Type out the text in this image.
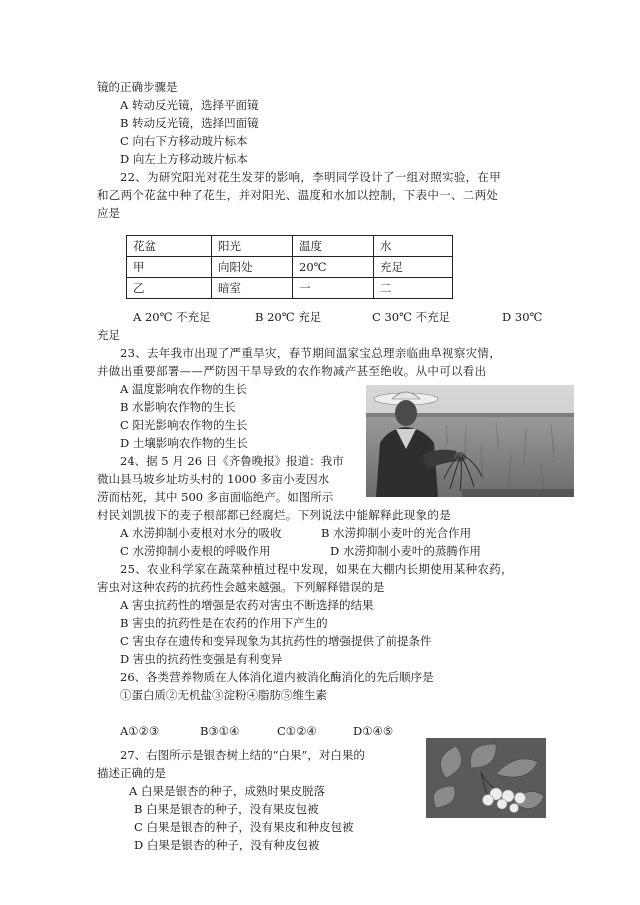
镜的正确步骤是
A 转动反光镜，选择平面镜
B 转动反光镜，选择凹面镜
C 向右下方移动玻片标本
D 向左上方移动玻片标本
22、为研究阳光对花生发芽的影响，李明同学设计了一组对照实验，在甲
和乙两个花盆中种了花生，并对阳光、温度和水加以控制，下表中一、二两处
应是
花盆	阳光	温度	水
甲	向阳处	20℃	充足
乙	暗室	一	二
A 20℃ 不充足	B 20℃ 充足	C 30℃ 不充足	D 30℃
充足
23、去年我市出现了严重旱灾，春节期间温家宝总理亲临曲阜视察灾情，
并做出重要部署——严防因干旱导致的农作物减产甚至绝收。从中可以看出
A 温度影响农作物的生长
B 水影响农作物的生长
C 阳光影响农作物的生长
D 土壤影响农作物的生长
24、据 5 月 26 日《齐鲁晚报》报道：我市
微山县马坡乡址坊头村的 1000 多亩小麦因水
涝而枯死，其中 500 多亩面临绝产。如图所示
村民刘凯拔下的麦子根部都已经腐烂。下列说法中能解释此现象的是
A 水涝抑制小麦根对水分的吸收	B 水涝抑制小麦叶的光合作用
C 水涝抑制小麦根的呼吸作用	D 水涝抑制小麦叶的蒸腾作用
25、农业科学家在蔬菜种植过程中发现，如果在大棚内长期使用某种农药，
害虫对这种农药的抗药性会越来越强。下列解释错误的是
A 害虫抗药性的增强是农药对害虫不断选择的结果
B 害虫的抗药性是在农药的作用下产生的
C 害虫存在遗传和变异现象为其抗药性的增强提供了前提条件
D 害虫的抗药性变强是有利变异
26、各类营养物质在人体消化道内被消化酶消化的先后顺序是
①蛋白质②无机盐③淀粉④脂肪⑤维生素
A①②③	B③①④	C①②④	D①④⑤
27、右图所示是银杏树上结的“白果”，对白果的
描述正确的是
A 白果是银杏的种子，成熟时果皮脱落
B 白果是银杏的种子，没有果皮包被
C 白果是银杏的种子，没有果皮和种皮包被
D 白果是银杏的种子，没有种皮包被
